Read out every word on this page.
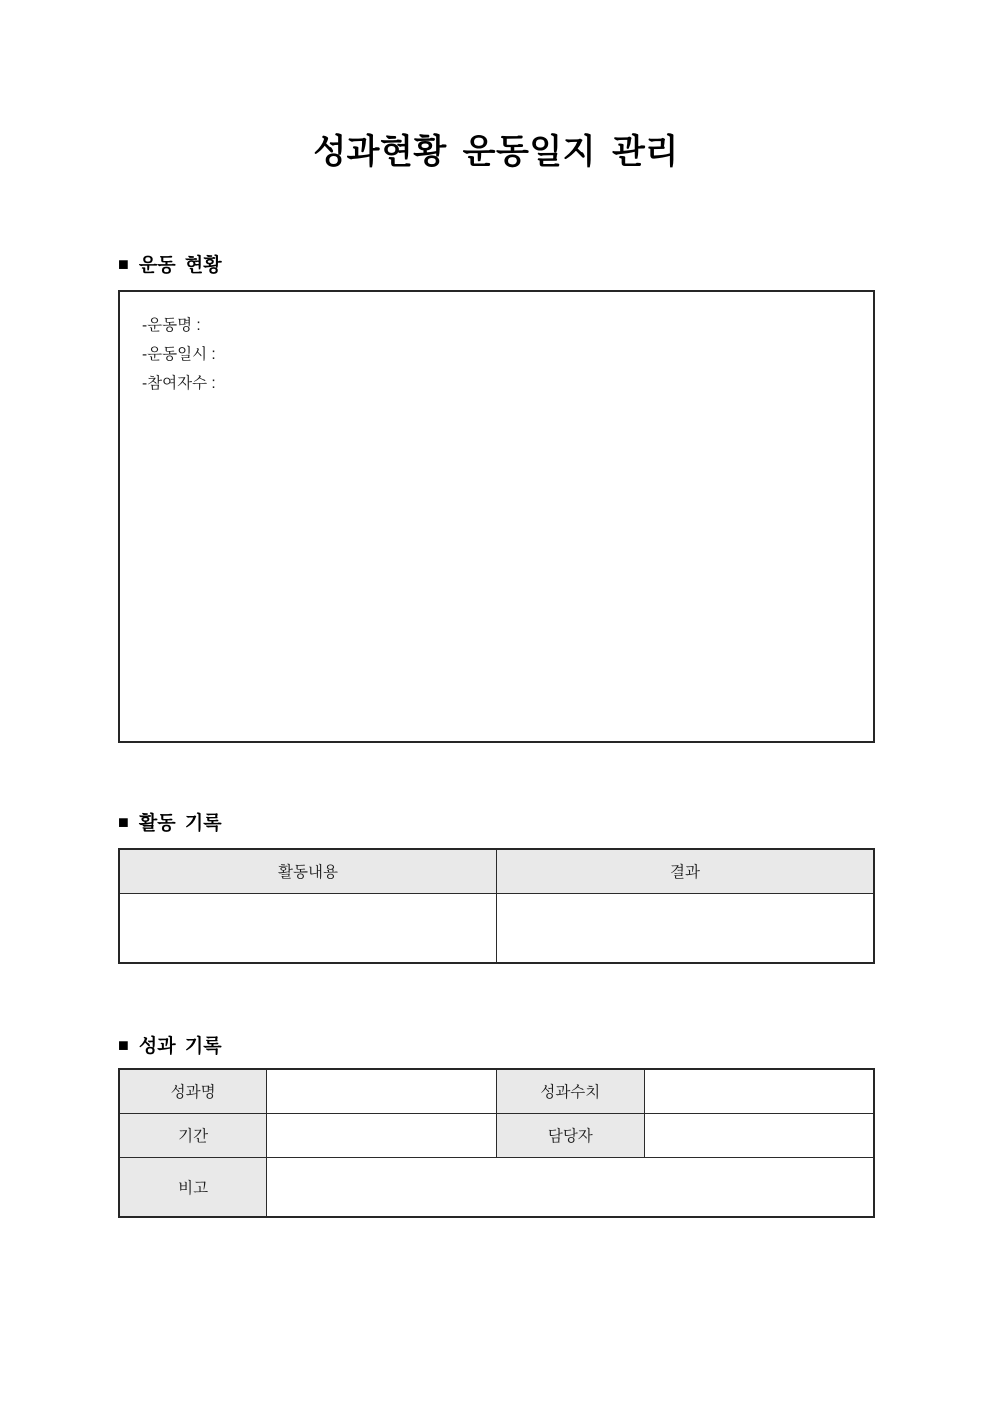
성과현황 운동일지 관리
■ 운동 현황
-운동명 :
-운동일시 :
-참여자수 :
■ 활동 기록
활동내용	결과

■ 성과 기록
성과명		성과수치	
기간		담당자	
비고			
